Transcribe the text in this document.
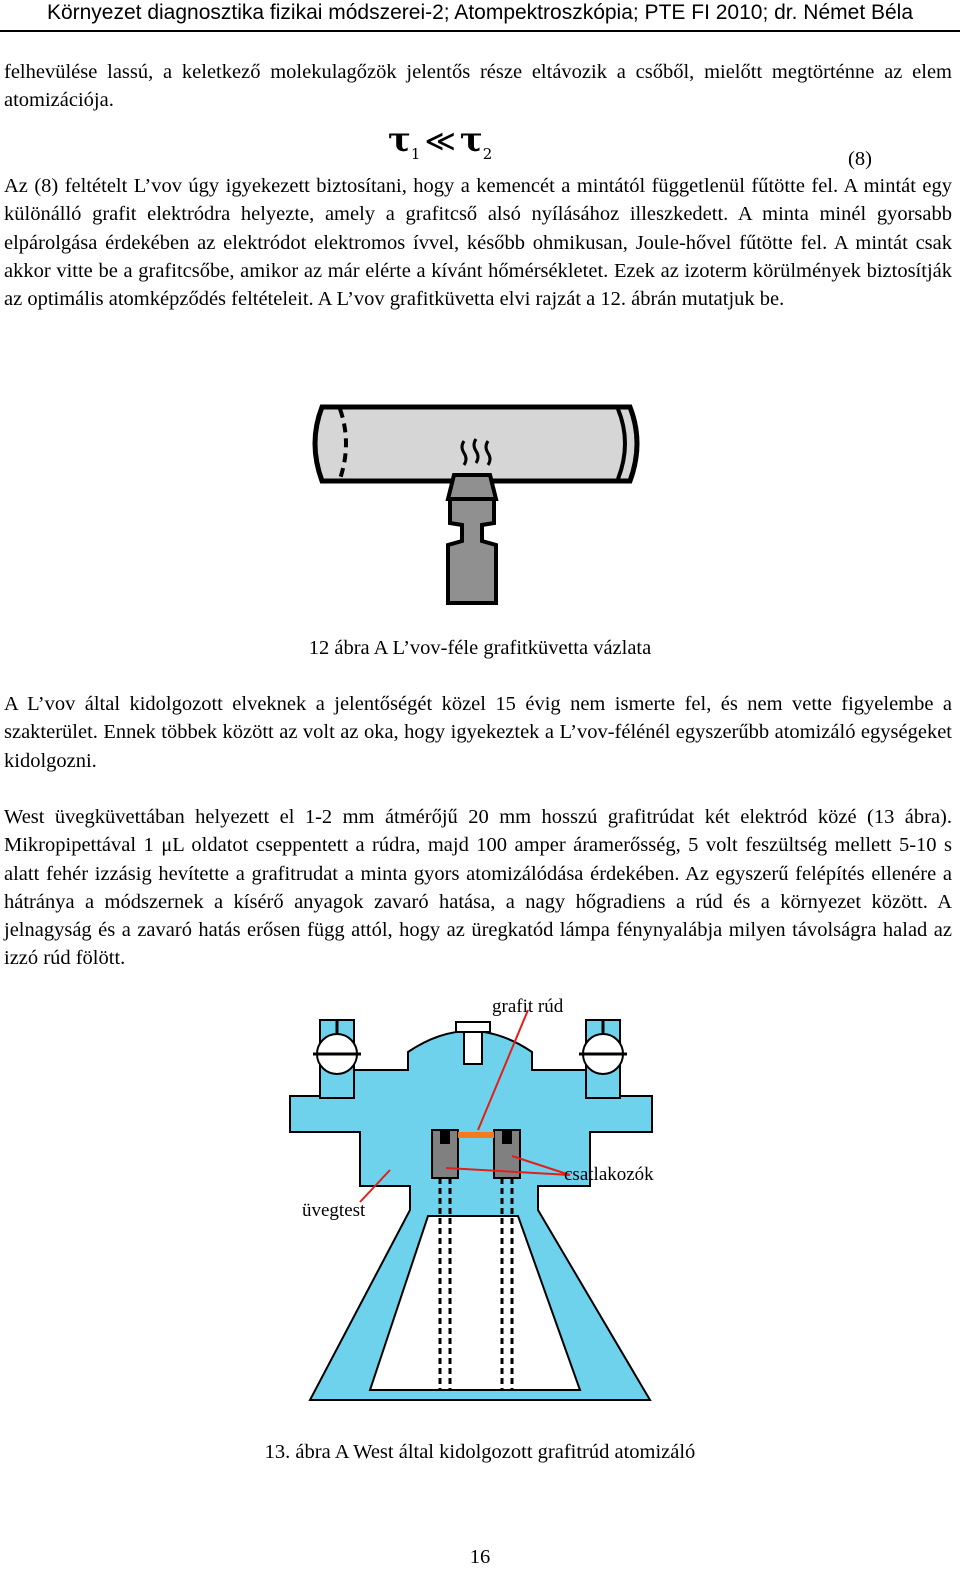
Környezet diagnosztika fizikai módszerei-2; Atompektroszkópia; PTE FI 2010; dr. Német Béla
felhevülése lassú, a keletkező molekulagőzök jelentős része eltávozik a csőből, mielőtt megtörténne az elem atomizációja.
$\tau_1$ ≪ $\tau_2$	(8)
Az (8) feltételt L’vov úgy igyekezett biztosítani, hogy a kemencét a mintától függetlenül fűtötte fel. A mintát egy különálló grafit elektródra helyezte, amely a grafitcső alsó nyílásához illeszkedett. A minta minél gyorsabb elpárolgása érdekében az elektródot elektromos ívvel, később ohmikusan, Joule-hővel fűtötte fel. A mintát csak akkor vitte be a grafitcsőbe, amikor az már elérte a kívánt hőmérsékletet. Ezek az izoterm körülmények biztosítják az optimális atomképződés feltételeit. A L’vov grafitküvetta elvi rajzát a 12. ábrán mutatjuk be.
12 ábra A L’vov-féle grafitküvetta vázlata
A L’vov által kidolgozott elveknek a jelentőségét közel 15 évig nem ismerte fel, és nem vette figyelembe a szakterület. Ennek többek között az volt az oka, hogy igyekeztek a L’vov-félénél egyszerűbb atomizáló egységeket kidolgozni.
West üvegküvettában helyezett el 1-2 mm átmérőjű 20 mm hosszú grafitrúdat két elektród közé (13 ábra). Mikropipettával 1 μL oldatot cseppentett a rúdra, majd 100 amper áramerősség, 5 volt feszültség mellett 5-10 s alatt fehér izzásig hevítette a grafitrudat a minta gyors atomizálódása érdekében. Az egyszerű felépítés ellenére a hátránya a módszernek a kísérő anyagok zavaró hatása, a nagy hőgradiens a rúd és a környezet között. A jelnagyság és a zavaró hatás erősen függ attól, hogy az üregkatód lámpa fénynyalábja milyen távolságra halad az izzó rúd fölött.
grafit rúd
csatlakozók
üvegtest
13. ábra A West által kidolgozott grafitrúd atomizáló
16
